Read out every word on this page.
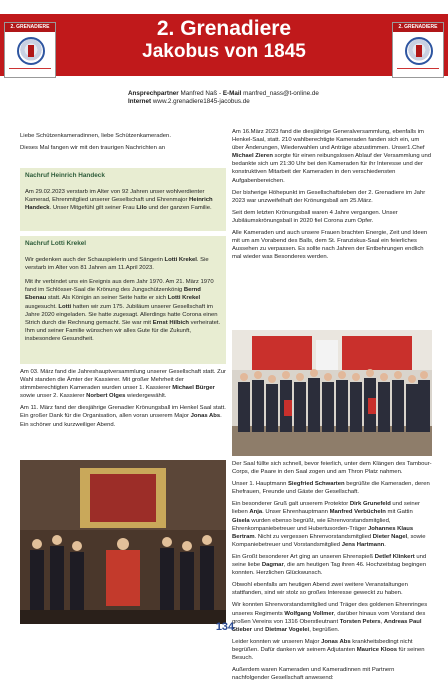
2. Grenadiere
Jakobus von 1845
2. GRENADIERE	2. GRENADIERE
Ansprechpartner Manfred Naß - E-Mail manfred_nass@t-online.de
Internet www.2.grenadiere1845-jacobus.de

Liebe Schützenkameradinnen, liebe Schützenkameraden.

Dieses Mal fangen wir mit den traurigen Nachrichten an

Nachruf Heinrich Handeck

Am 29.02.2023 verstarb im Alter von 92 Jahren unser wohlverdienter Kamerad, Ehrenmitglied unserer Gesellschaft und Ehrenmajor Heinrich Handeck. Unser Mitgefühl gilt seiner Frau Lilo und der ganzen Familie.

Nachruf Lotti Krekel

Wir gedenken auch der Schauspielerin und Sängerin Lotti Krekel. Sie verstarb im Alter von 81 Jahren am 11.April 2023.

Mit ihr verbindet uns ein Ereignis aus dem Jahr 1970. Am 21. März 1970 fand im Schlösser-Saal die Krönung des Jungschützenkönig Bernd Ebenau statt. Als Königin an seiner Seite hatte er sich Lotti Krekel ausgesucht. Lotti hatten wir zum 175. Jubiläum unserer Gesellschaft im Jahre 2020 eingeladen. Sie hatte zugesagt. Allerdings hatte Corona einen Strich durch die Rechnung gemacht. Sie war mit Ernst Hilbich verheiratet. Ihm und seiner Familie wünschen wir alles Gute für die Zukunft, insbesondere Gesundheit.

Am 16.März 2023 fand die diesjährige Generalversammlung, ebenfalls im Henkel-Saal, statt. 210 wahlberechtigte Kameraden fanden sich ein, um über Änderungen, Wiederwahlen und Anträge abzustimmen. Unser1.Chef Michael Zieren sorgte für einen reibungslosen Ablauf der Versammlung und bedankte sich um 21:30 Uhr bei den Kameraden für ihr Interesse und der konstruktiven Mitarbeit der Kameraden in den verschiedensten Aufgabenbereichen.

Der bisherige Höhepunkt im Gesellschaftsleben der 2. Grenadiere im Jahr 2023 war unzweifelhaft der Krönungsball am 25.März.

Seit dem letzten Krönungsball waren 4 Jahre vergangen. Unser Jubiläumskrönungsball in 2020 fiel Corona zum Opfer.

Alle Kameraden und auch unsere Frauen brachten Energie, Zeit und Ideen mit um am Vorabend des Balls, dem St. Franziskus-Saal ein feierliches Aussehen zu verpassen. Es sollte nach Jahren der Entbehrungen endlich mal wieder was Besonderes werden.

Am 03. März fand die Jahreshauptversammlung unserer Gesellschaft statt. Zur Wahl standen die Ämter der Kassierer. Mit großer Mehrheit der stimmberechtigten Kameraden wurden unser 1. Kassierer Michael Bürger sowie unser 2. Kassierer Norbert Olges wiedergewählt.

Am 11. März fand der diesjährige Grenadier Krönungsball im Henkel Saal statt. Ein großer Dank für die Organisation, allen voran unserem Major Jonas Abs. Ein schöner und kurzweiliger Abend.

Der Saal füllte sich schnell, bevor feierlich, unter dem Klängen des Tambour-Corps, die Paare in den Saal zogen und am Thron Platz nahmen.

Unser 1. Hauptmann Siegfried Schwarten begrüßte die Kameraden, deren Ehefrauen, Freunde und Gäste der Gesellschaft.

Ein besonderer Gruß galt unserem Protektor Dirk Grunefeld und seiner lieben Anja. Unser Ehrenhauptmann Manfred Verbücheln mit Gattin Gisela wurden ebenso begrüßt, wie Ehrenvorstandsmitglied, Ehrenkompaniebetreuer und Hubertusorden-Träger Johannes Klaus Bertram. Nicht zu vergessen Ehrenvorstandsmitglied Dieter Nagel, sowie Kompaniebetreuer und Vorstandsmitglied Jens Hartmann.

Ein Großt besonderer Art ging an unseren Ehrenspieß Detlef Klinkert und seine liebe Dagmar, die am heutigen Tag ihren 46. Hochzeitstag begingen konnten. Herzlichen Glückwunsch.

Obwohl ebenfalls am heutigen Abend zwei weitere Veranstaltungen stattfanden, sind wir stolz so großes Interesse geweckt zu haben.

Wir konnten Ehrenvorstandsmitglied und Träger des goldenen Ehrenringes unseres Regiments Wolfgang Vollmer, darüber hinaus vom Vorstand des großen Vereins von 1316 Oberstleutnant Torsten Peters, Andreas Paul Stieber und Dietmar Vogelei, begrüßen.

Leider konnten wir unseren Major Jonas Abs krankheitsbedingt nicht begrüßen. Dafür danken wir seinem Adjutanten Maurice Kloos für seinen Besuch.

Außerdem waren Kameraden und Kameradinnen mit Partnern nachfolgender Gesellschaft anwesend:

134
